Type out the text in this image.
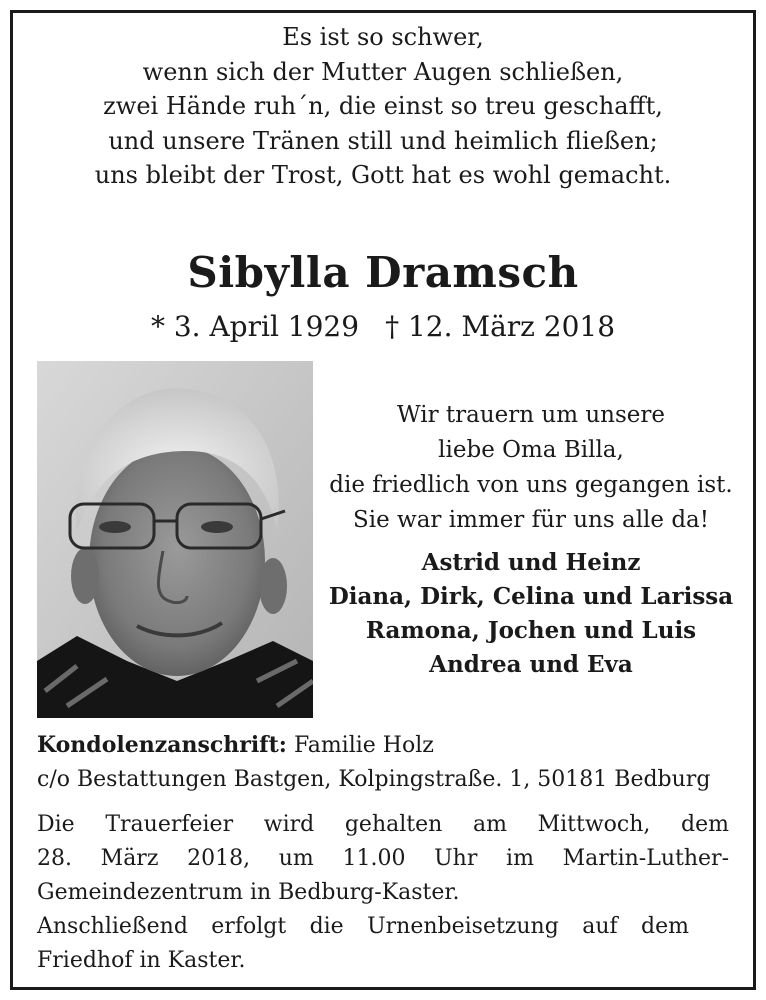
Es ist so schwer,
wenn sich der Mutter Augen schließen,
zwei Hände ruh´n, die einst so treu geschafft,
und unsere Tränen still und heimlich fließen;
uns bleibt der Trost, Gott hat es wohl gemacht.
Sibylla Dramsch
* 3. April 1929 † 12. März 2018
Wir trauern um unsere
liebe Oma Billa,
die friedlich von uns gegangen ist.
Sie war immer für uns alle da!
Astrid und Heinz
Diana, Dirk, Celina und Larissa
Ramona, Jochen und Luis
Andrea und Eva
Kondolenzanschrift: Familie Holz
c/o Bestattungen Bastgen, Kolpingstraße. 1, 50181 Bedburg
Die Trauerfeier wird gehalten am Mittwoch, dem
28. März 2018, um 11.00 Uhr im Martin-Luther-
Gemeindezentrum in Bedburg-Kaster.
Anschließend erfolgt die Urnenbeisetzung auf dem
Friedhof in Kaster.
